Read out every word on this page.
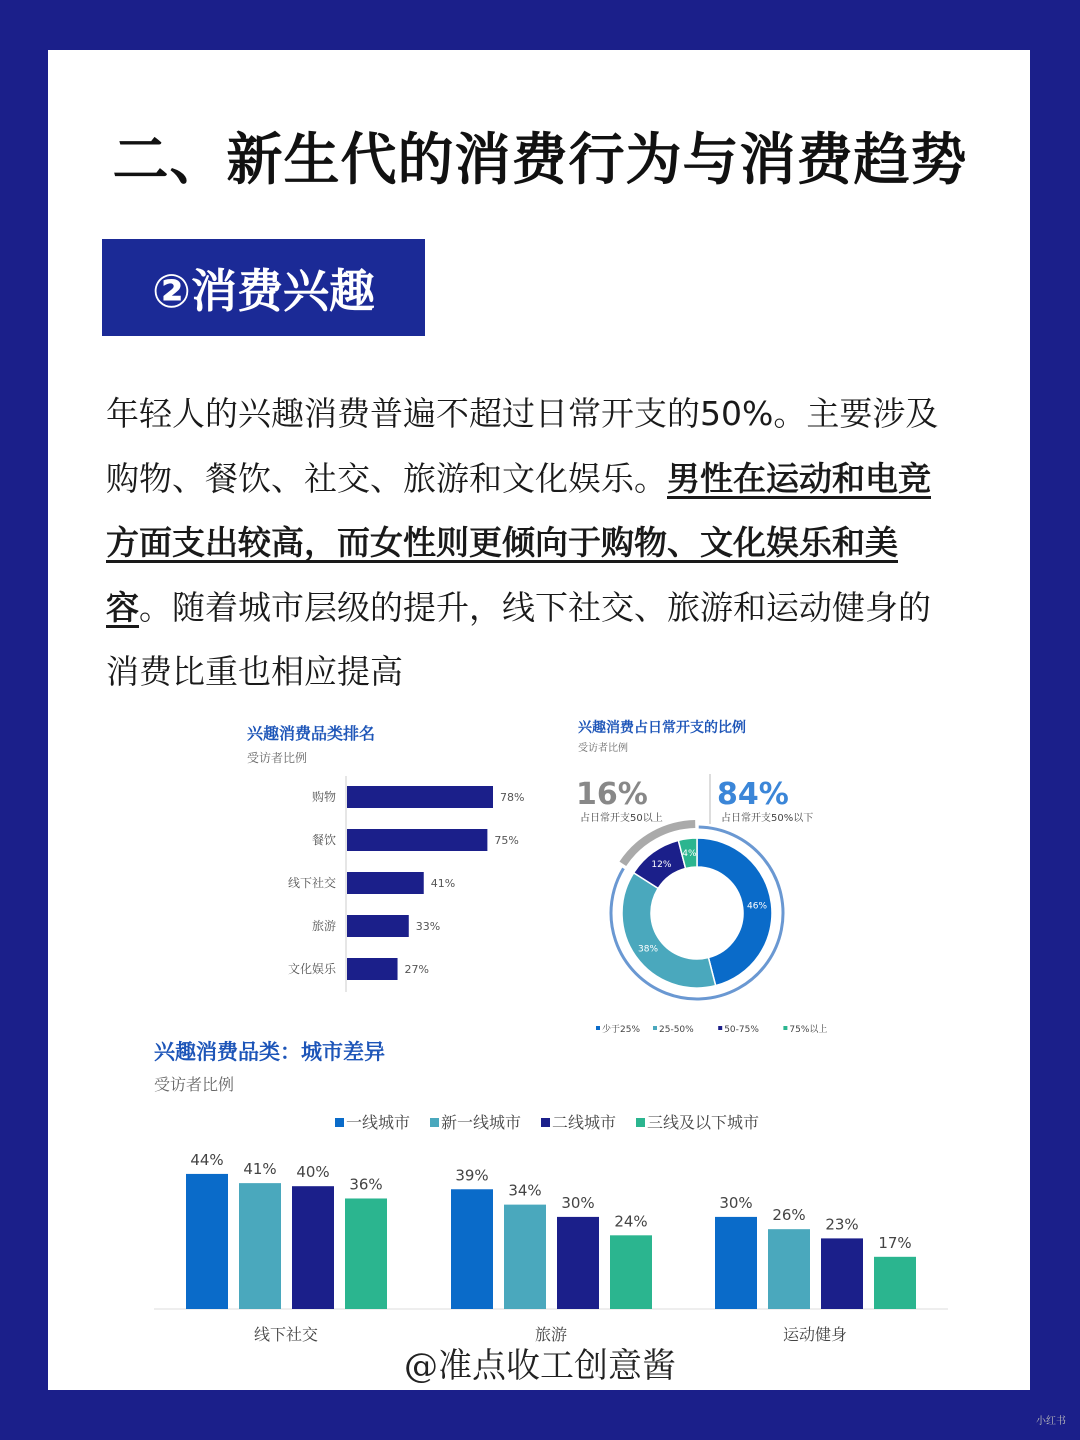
二、新生代的消费行为与消费趋势
②消费兴趣
年轻人的兴趣消费普遍不超过日常开支的50%。主要涉及购物、餐饮、社交、旅游和文化娱乐。男性在运动和电竞方面支出较高，而女性则更倾向于购物、文化娱乐和美容。随着城市层级的提升，线下社交、旅游和运动健身的消费比重也相应提高
兴趣消费品类排名
受访者比例
购物	78%
餐饮	75%
线下社交	41%
旅游	33%
文化娱乐	27%
兴趣消费占日常开支的比例
受访者比例
16%
占日常开支50以上
84%
占日常开支50%以下
46%
38%
12%
4%
少于25% 25-50%	50-75%	75%以上
兴趣消费品类：城市差异
受访者比例
一线城市 新一线城市 二线城市 三线及以下城市
44%
41% 40%
36%
线下社交
39%
34%
30%
24%
旅游
30%
26%
23%
17%
运动健身
@准点收工创意酱
小红书
